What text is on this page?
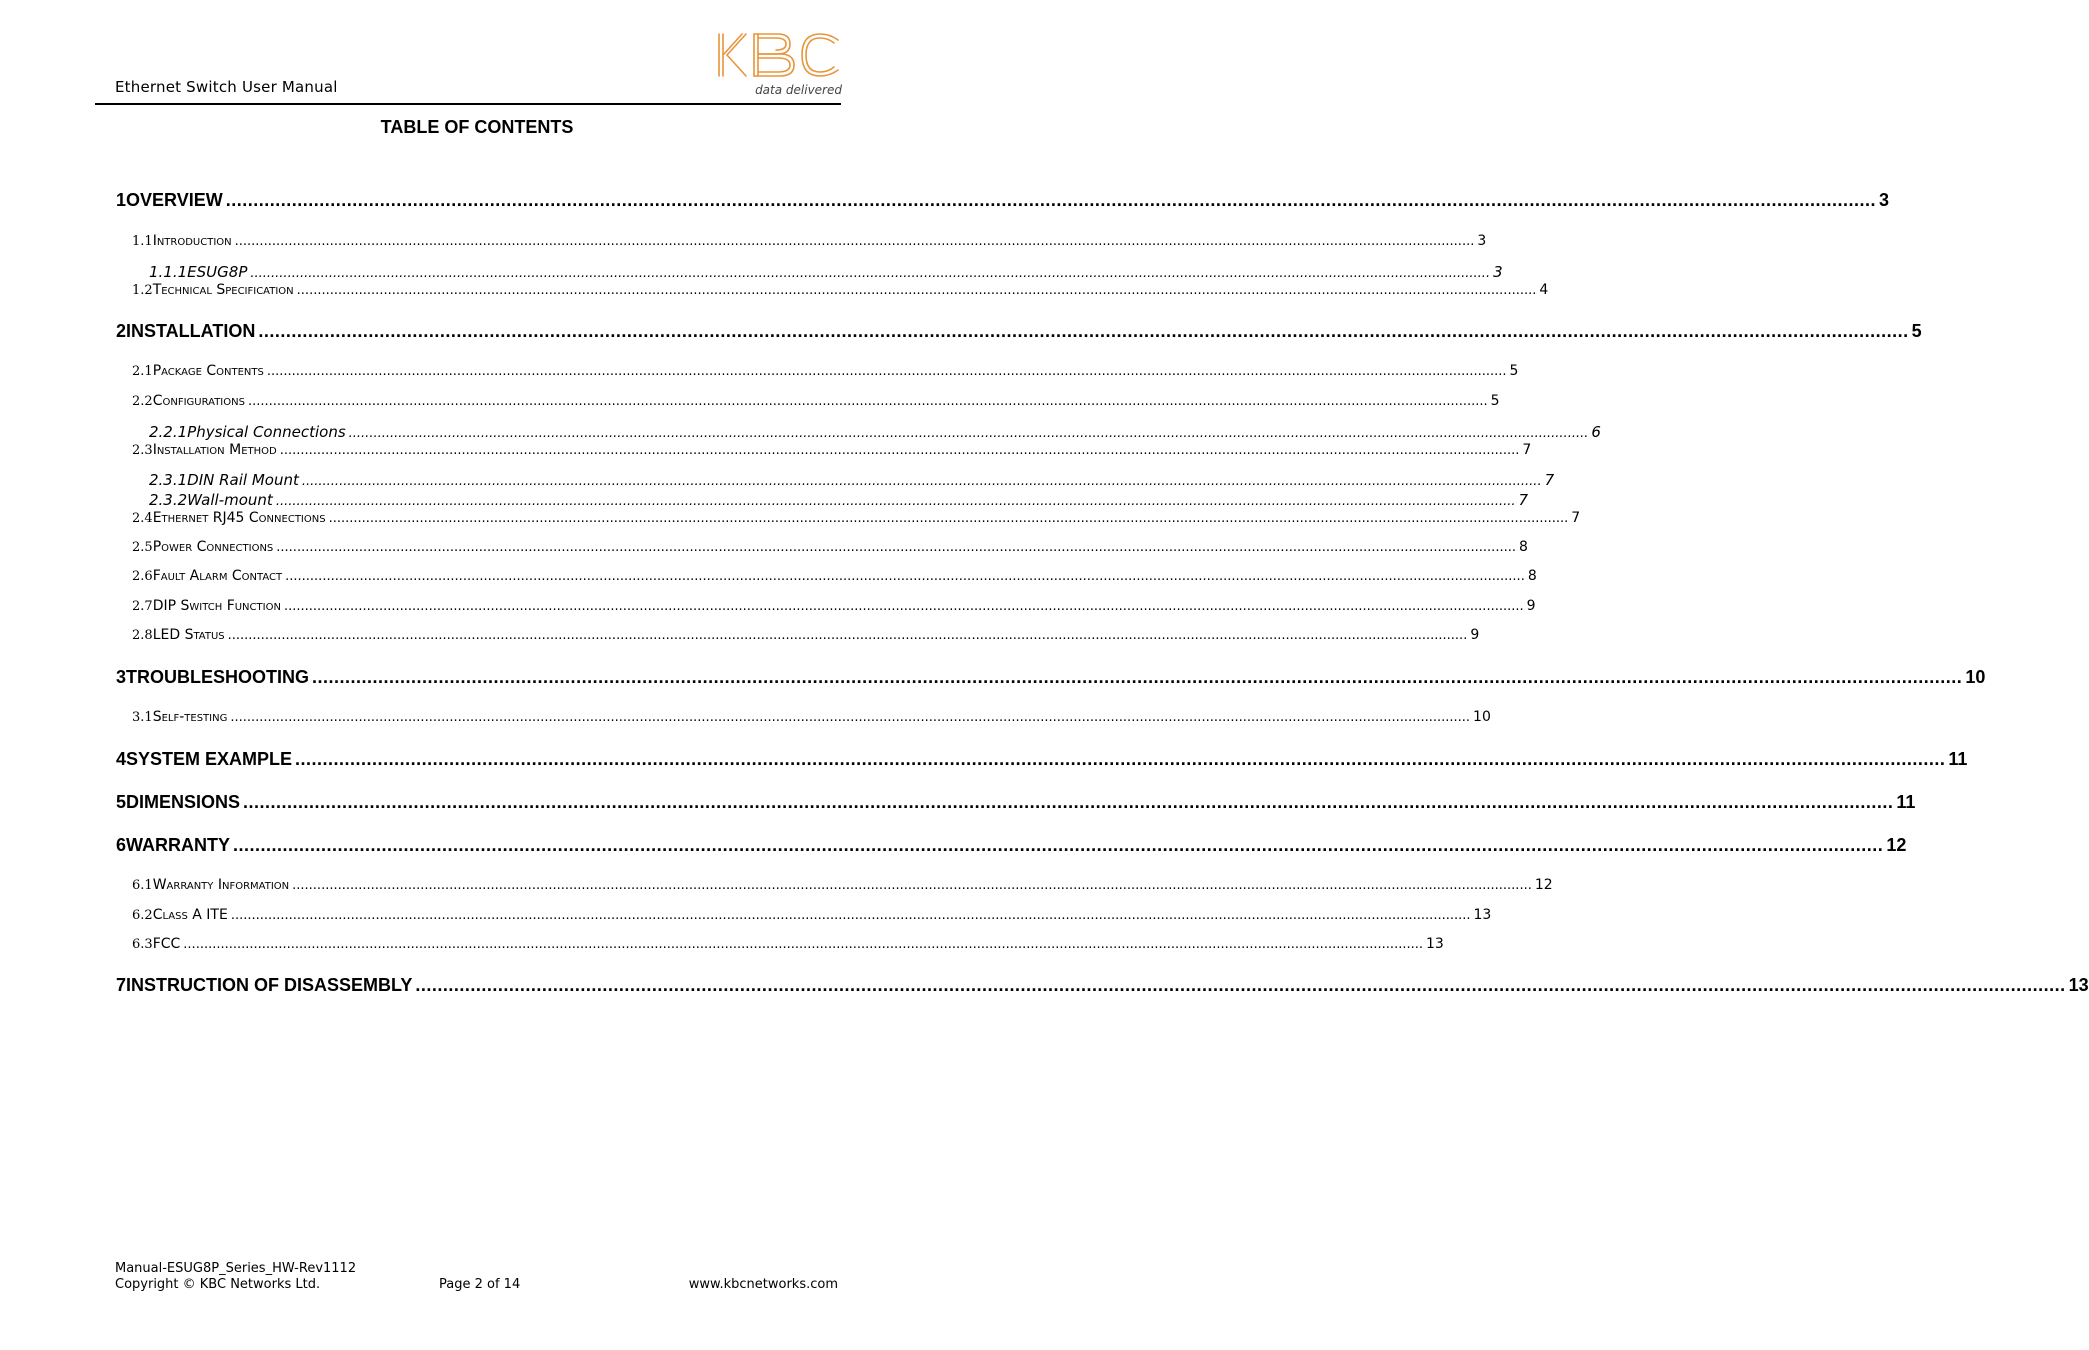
Ethernet Switch User Manual	data delivered
TABLE OF CONTENTS
1 OVERVIEW ............................................................................................................................................................................................................................................................................................................ 3
1.1 Introduction ............................................................................................................................................................................................................................................................................................................ 3
1.1.1 ESUG8P ............................................................................................................................................................................................................................................................................................................ 3
1.2 Technical Specification ............................................................................................................................................................................................................................................................................................................ 4
2 INSTALLATION ............................................................................................................................................................................................................................................................................................................ 5
2.1 Package Contents ............................................................................................................................................................................................................................................................................................................ 5
2.2 Configurations ............................................................................................................................................................................................................................................................................................................ 5
2.2.1 Physical Connections ............................................................................................................................................................................................................................................................................................................ 6
2.3 Installation Method ............................................................................................................................................................................................................................................................................................................ 7
2.3.1 DIN Rail Mount ............................................................................................................................................................................................................................................................................................................ 7
2.3.2 Wall-mount ............................................................................................................................................................................................................................................................................................................ 7
2.4 Ethernet RJ45 Connections ............................................................................................................................................................................................................................................................................................................ 7
2.5 Power Connections ............................................................................................................................................................................................................................................................................................................ 8
2.6 Fault Alarm Contact ............................................................................................................................................................................................................................................................................................................ 8
2.7 DIP Switch Function ............................................................................................................................................................................................................................................................................................................ 9
2.8 LED Status ............................................................................................................................................................................................................................................................................................................ 9
3 TROUBLESHOOTING ............................................................................................................................................................................................................................................................................................................ 10
3.1 Self-testing ............................................................................................................................................................................................................................................................................................................ 10
4 SYSTEM EXAMPLE ............................................................................................................................................................................................................................................................................................................ 11
5 DIMENSIONS ............................................................................................................................................................................................................................................................................................................ 11
6 WARRANTY ............................................................................................................................................................................................................................................................................................................ 12
6.1 Warranty Information ............................................................................................................................................................................................................................................................................................................ 12
6.2 Class A ITE ............................................................................................................................................................................................................................................................................................................ 13
6.3 FCC ............................................................................................................................................................................................................................................................................................................ 13
7 INSTRUCTION OF DISASSEMBLY ............................................................................................................................................................................................................................................................................................................ 13
Manual-ESUG8P_Series_HW-Rev1112
Copyright © KBC Networks Ltd.	Page 2 of 14	www.kbcnetworks.com
